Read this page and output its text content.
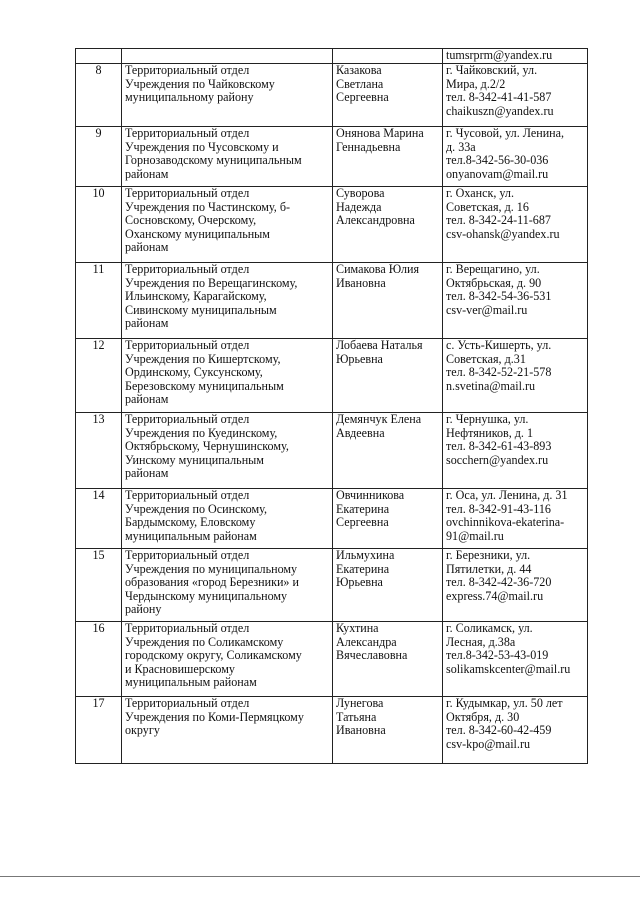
			tumsrprm@yandex.ru

8	Территориальный отдел
Учреждения по Чайковскому
муниципальному району	Казакова
Светлана
Сергеевна	г. Чайковский, ул.
Мира, д.2/2
тел. 8-342-41-41-587
chaikuszn@yandex.ru

9	Территориальный отдел
Учреждения по Чусовскому и
Горнозаводскому муниципальным
районам	Онянова Марина
Геннадьевна	г. Чусовой, ул. Ленина,
д. 33а
тел.8-342-56-30-036
onyanovam@mail.ru

10	Территориальный отдел
Учреждения по Частинскому, б-
Сосновскому, Очерскому,
Оханскому муниципальным
районам	Суворова
Надежда
Александровна	г. Оханск, ул.
Советская, д. 16
тел. 8-342-24-11-687
csv-ohansk@yandex.ru

11	Территориальный отдел
Учреждения по Верещагинскому,
Ильинскому, Карагайскому,
Сивинскому муниципальным
районам	Симакова Юлия
Ивановна	г. Верещагино, ул.
Октябрьская, д. 90
тел. 8-342-54-36-531
csv-ver@mail.ru

12	Территориальный отдел
Учреждения по Кишертскому,
Ординскому, Суксунскому,
Березовскому муниципальным
районам	Лобаева Наталья
Юрьевна	с. Усть-Кишерть, ул.
Советская, д.31
тел. 8-342-52-21-578
n.svetina@mail.ru

13	Территориальный отдел
Учреждения по Куединскому,
Октябрьскому, Чернушинскому,
Уинскому муниципальным
районам	Демянчук Елена
Авдеевна	г. Чернушка, ул.
Нефтяников, д. 1
тел. 8-342-61-43-893
socchern@yandex.ru

14	Территориальный отдел
Учреждения по Осинскому,
Бардымскому, Еловскому
муниципальным районам	Овчинникова
Екатерина
Сергеевна	г. Оса, ул. Ленина, д. 31
тел. 8-342-91-43-116
ovchinnikova-ekaterina-
91@mail.ru

15	Территориальный отдел
Учреждения по муниципальному
образования «город Березники» и
Чердынскому муниципальному
району	Ильмухина
Екатерина
Юрьевна	г. Березники, ул.
Пятилетки, д. 44
тел. 8-342-42-36-720
express.74@mail.ru

16	Территориальный отдел
Учреждения по Соликамскому
городскому округу, Соликамскому
и Красновишерскому
муниципальным районам	Кухтина
Александра
Вячеславовна	г. Соликамск, ул.
Лесная, д.38а
тел.8-342-53-43-019
solikamskcenter@mail.ru

17	Территориальный отдел
Учреждения по Коми-Пермяцкому
округу	Лунегова
Татьяна
Ивановна	г. Кудымкар, ул. 50 лет
Октября, д. 30
тел. 8-342-60-42-459
csv-kpo@mail.ru
